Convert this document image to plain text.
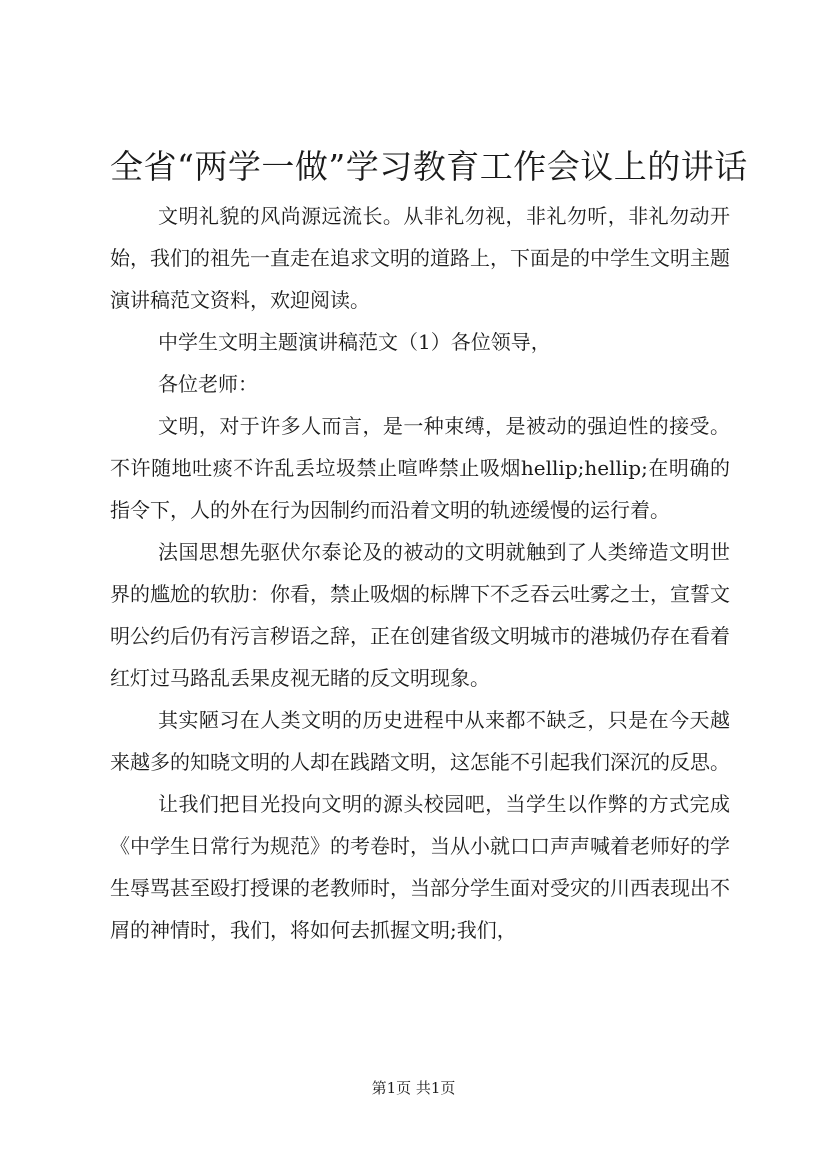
全省“两学一做”学习教育工作会议上的讲话

文明礼貌的风尚源远流长。从非礼勿视，非礼勿听，非礼勿动开始，我们的祖先一直走在追求文明的道路上，下面是的中学生文明主题演讲稿范文资料，欢迎阅读。

中学生文明主题演讲稿范文（1）各位领导，

各位老师：

文明，对于许多人而言，是一种束缚，是被动的强迫性的接受。不许随地吐痰不许乱丢垃圾禁止喧哗禁止吸烟hellip;hellip;在明确的指令下，人的外在行为因制约而沿着文明的轨迹缓慢的运行着。

法国思想先驱伏尔泰论及的被动的文明就触到了人类缔造文明世界的尴尬的软肋：你看，禁止吸烟的标牌下不乏吞云吐雾之士，宣誓文明公约后仍有污言秽语之辞，正在创建省级文明城市的港城仍存在看着红灯过马路乱丢果皮视无睹的反文明现象。

其实陋习在人类文明的历史进程中从来都不缺乏，只是在今天越来越多的知晓文明的人却在践踏文明，这怎能不引起我们深沉的反思。

让我们把目光投向文明的源头校园吧，当学生以作弊的方式完成《中学生日常行为规范》的考卷时，当从小就口口声声喊着老师好的学生辱骂甚至殴打授课的老教师时，当部分学生面对受灾的川西表现出不屑的神情时，我们，将如何去抓握文明;我们，

第1页 共1页
